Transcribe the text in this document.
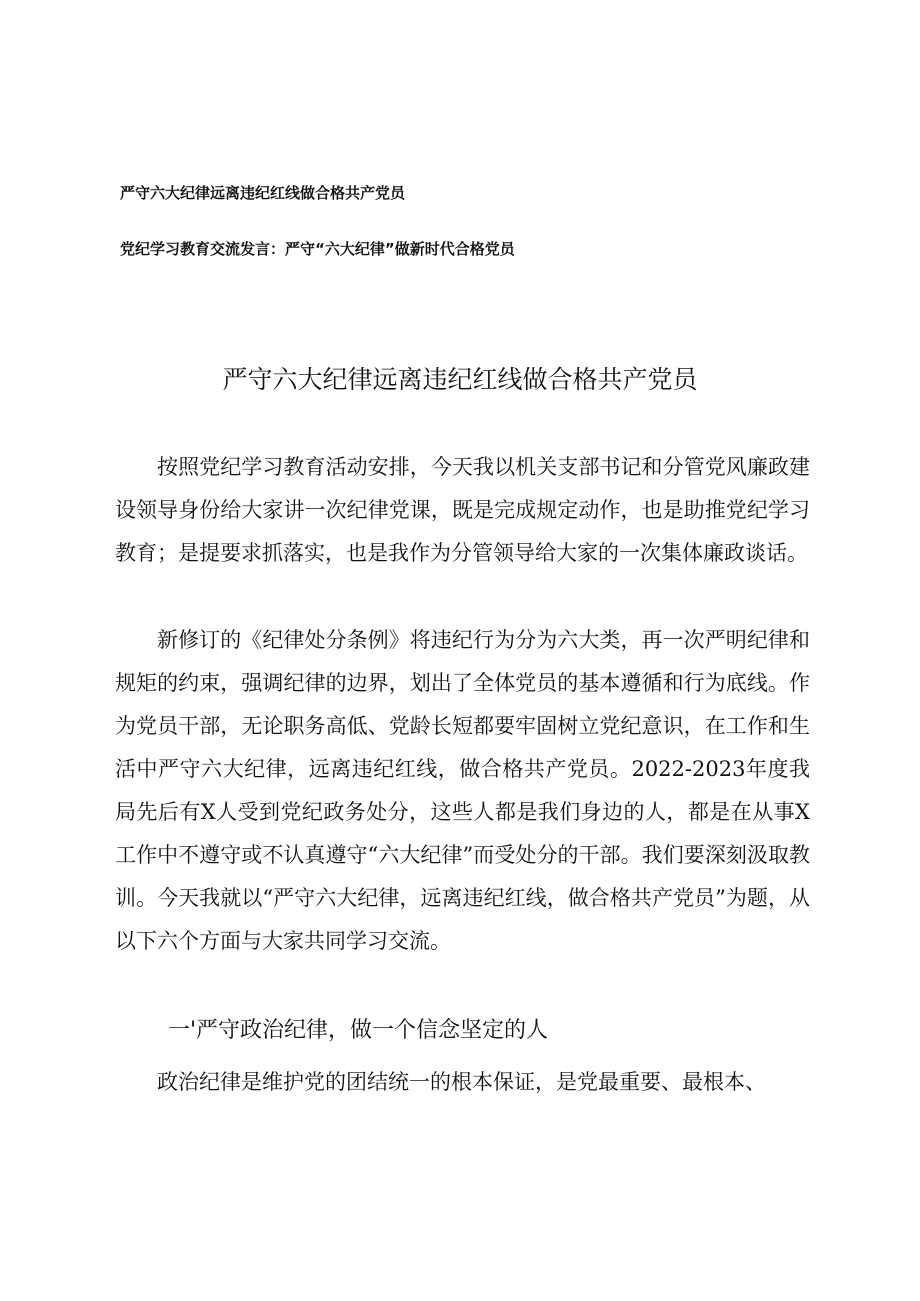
严守六大纪律远离违纪红线做合格共产党员
党纪学习教育交流发言：严守“六大纪律”做新时代合格党员
严守六大纪律远离违纪红线做合格共产党员

按照党纪学习教育活动安排，今天我以机关支部书记和分管党风廉政建设领导身份给大家讲一次纪律党课，既是完成规定动作，也是助推党纪学习教育；是提要求抓落实，也是我作为分管领导给大家的一次集体廉政谈话。

新修订的《纪律处分条例》将违纪行为分为六大类，再一次严明纪律和规矩的约束，强调纪律的边界，划出了全体党员的基本遵循和行为底线。作为党员干部，无论职务高低、党龄长短都要牢固树立党纪意识，在工作和生活中严守六大纪律，远离违纪红线，做合格共产党员。2022-2023年度我局先后有X人受到党纪政务处分，这些人都是我们身边的人，都是在从事X工作中不遵守或不认真遵守“六大纪律”而受处分的干部。我们要深刻汲取教训。今天我就以“严守六大纪律，远离违纪红线，做合格共产党员”为题，从以下六个方面与大家共同学习交流。

一'严守政治纪律，做一个信念坚定的人

政治纪律是维护党的团结统一的根本保证，是党最重要、最根本、
